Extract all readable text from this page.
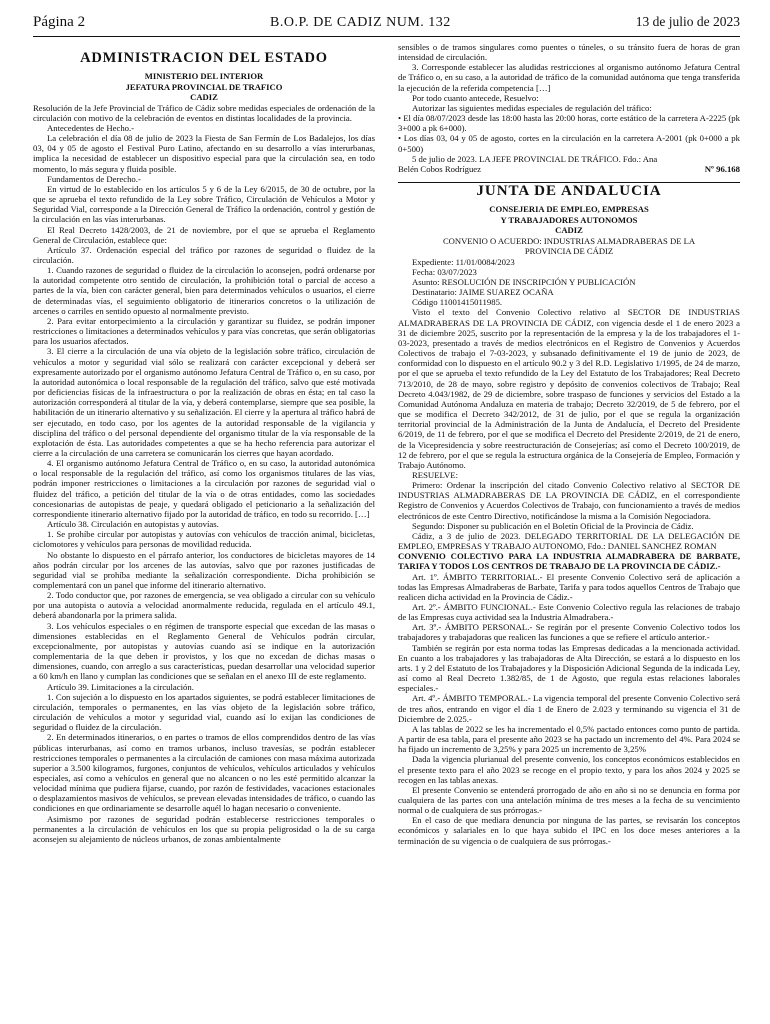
Página 2	B.O.P. DE CADIZ NUM. 132	13 de julio de 2023
ADMINISTRACION DEL ESTADO
MINISTERIO DEL INTERIOR
JEFATURA PROVINCIAL DE TRAFICO
CADIZ

Resolución de la Jefe Provincial de Tráfico de Cádiz sobre medidas especiales de ordenación de la circulación con motivo de la celebración de eventos en distintas localidades de la provincia.

Antecedentes de Hecho.-

La celebración el día 08 de julio de 2023 la Fiesta de San Fermín de Los Badalejos, los días 03, 04 y 05 de agosto el Festival Puro Latino, afectando en su desarrollo a vías interurbanas, implica la necesidad de establecer un dispositivo especial para que la circulación sea, en todo momento, lo más segura y fluida posible.

Fundamentos de Derecho.-

En virtud de lo establecido en los artículos 5 y 6 de la Ley 6/2015, de 30 de octubre, por la que se aprueba el texto refundido de la Ley sobre Tráfico, Circulación de Vehículos a Motor y Seguridad Vial, corresponde a la Dirección General de Tráfico la ordenación, control y gestión de la circulación en las vías interurbanas.

El Real Decreto 1428/2003, de 21 de noviembre, por el que se aprueba el Reglamento General de Circulación, establece que:

Artículo 37. Ordenación especial del tráfico por razones de seguridad o fluidez de la circulación.

1. Cuando razones de seguridad o fluidez de la circulación lo aconsejen, podrá ordenarse por la autoridad competente otro sentido de circulación, la prohibición total o parcial de acceso a partes de la vía, bien con carácter general, bien para determinados vehículos o usuarios, el cierre de determinadas vías, el seguimiento obligatorio de itinerarios concretos o la utilización de arcenes o carriles en sentido opuesto al normalmente previsto.

2. Para evitar entorpecimiento a la circulación y garantizar su fluidez, se podrán imponer restricciones o limitaciones a determinados vehículos y para vías concretas, que serán obligatorias para los usuarios afectados.

3. El cierre a la circulación de una vía objeto de la legislación sobre tráfico, circulación de vehículos a motor y seguridad vial sólo se realizará con carácter excepcional y deberá ser expresamente autorizado por el organismo autónomo Jefatura Central de Tráfico o, en su caso, por la autoridad autonómica o local responsable de la regulación del tráfico, salvo que esté motivada por deficiencias físicas de la infraestructura o por la realización de obras en ésta; en tal caso la autorización corresponderá al titular de la vía, y deberá contemplarse, siempre que sea posible, la habilitación de un itinerario alternativo y su señalización. El cierre y la apertura al tráfico habrá de ser ejecutado, en todo caso, por los agentes de la autoridad responsable de la vigilancia y disciplina del tráfico o del personal dependiente del organismo titular de la vía responsable de la explotación de ésta. Las autoridades competentes a que se ha hecho referencia para autorizar el cierre a la circulación de una carretera se comunicarán los cierres que hayan acordado.

4. El organismo autónomo Jefatura Central de Tráfico o, en su caso, la autoridad autonómica o local responsable de la regulación del tráfico, así como los organismos titulares de las vías, podrán imponer restricciones o limitaciones a la circulación por razones de seguridad vial o fluidez del tráfico, a petición del titular de la vía o de otras entidades, como las sociedades concesionarias de autopistas de peaje, y quedará obligado el peticionario a la señalización del correspondiente itinerario alternativo fijado por la autoridad de tráfico, en todo su recorrido. […]

Artículo 38. Circulación en autopistas y autovías.

1. Se prohíbe circular por autopistas y autovías con vehículos de tracción animal, bicicletas, ciclomotores y vehículos para personas de movilidad reducida.

No obstante lo dispuesto en el párrafo anterior, los conductores de bicicletas mayores de 14 años podrán circular por los arcenes de las autovías, salvo que por razones justificadas de seguridad vial se prohíba mediante la señalización correspondiente. Dicha prohibición se complementará con un panel que informe del itinerario alternativo.

2. Todo conductor que, por razones de emergencia, se vea obligado a circular con su vehículo por una autopista o autovía a velocidad anormalmente reducida, regulada en el artículo 49.1, deberá abandonarla por la primera salida.

3. Los vehículos especiales o en régimen de transporte especial que excedan de las masas o dimensiones establecidas en el Reglamento General de Vehículos podrán circular, excepcionalmente, por autopistas y autovías cuando así se indique en la autorización complementaria de la que deben ir provistos, y los que no excedan de dichas masas o dimensiones, cuando, con arreglo a sus características, puedan desarrollar una velocidad superior a 60 km/h en llano y cumplan las condiciones que se señalan en el anexo III de este reglamento.

Artículo 39. Limitaciones a la circulación.

1. Con sujeción a lo dispuesto en los apartados siguientes, se podrá establecer limitaciones de circulación, temporales o permanentes, en las vías objeto de la legislación sobre tráfico, circulación de vehículos a motor y seguridad vial, cuando así lo exijan las condiciones de seguridad o fluidez de la circulación.

2. En determinados itinerarios, o en partes o tramos de ellos comprendidos dentro de las vías públicas interurbanas, así como en tramos urbanos, incluso travesías, se podrán establecer restricciones temporales o permanentes a la circulación de camiones con masa máxima autorizada superior a 3.500 kilogramos, furgones, conjuntos de vehículos, vehículos articulados y vehículos especiales, así como a vehículos en general que no alcancen o no les esté permitido alcanzar la velocidad mínima que pudiera fijarse, cuando, por razón de festividades, vacaciones estacionales o desplazamientos masivos de vehículos, se prevean elevadas intensidades de tráfico, o cuando las condiciones en que ordinariamente se desarrolle aquél lo hagan necesario o conveniente.

Asimismo por razones de seguridad podrán establecerse restricciones temporales o permanentes a la circulación de vehículos en los que su propia peligrosidad o la de su carga aconsejen su alejamiento de núcleos urbanos, de zonas ambientalmente

sensibles o de tramos singulares como puentes o túneles, o su tránsito fuera de horas de gran intensidad de circulación.

3. Corresponde establecer las aludidas restricciones al organismo autónomo Jefatura Central de Tráfico o, en su caso, a la autoridad de tráfico de la comunidad autónoma que tenga transferida la ejecución de la referida competencia […]

Por todo cuanto antecede, Resuelvo:

Autorizar las siguientes medidas especiales de regulación del tráfico:

• El día 08/07/2023 desde las 18:00 hasta las 20:00 horas, corte estático de la carretera A-2225 (pk 3+000 a pk 6+000).

• Los días 03, 04 y 05 de agosto, cortes en la circulación en la carretera A-2001 (pk 0+000 a pk 0+500)

5 de julio de 2023. LA JEFE PROVINCIAL DE TRÁFICO. Fdo.: Ana

Belén Cobos Rodríguez	Nº 96.168
JUNTA DE ANDALUCIA
CONSEJERIA DE EMPLEO, EMPRESAS
Y TRABAJADORES AUTONOMOS
CADIZ
CONVENIO O ACUERDO: INDUSTRIAS ALMADRABERAS DE LA
PROVINCIA DE CÁDIZ

Expediente: 11/01/0084/2023

Fecha: 03/07/2023

Asunto: RESOLUCIÓN DE INSCRIPCIÓN Y PUBLICACIÓN

Destinatario: JAIME SUAREZ OCAÑA

Código 11001415011985.

Visto el texto del Convenio Colectivo relativo al SECTOR DE INDUSTRIAS ALMADRABERAS DE LA PROVINCIA DE CÁDIZ, con vigencia desde el 1 de enero 2023 a 31 de diciembre 2025, suscrito por la representación de la empresa y la de los trabajadores el 1-03-2023, presentado a través de medios electrónicos en el Registro de Convenios y Acuerdos Colectivos de trabajo el 7-03-2023, y subsanado definitivamente el 19 de junio de 2023, de conformidad con lo dispuesto en el artículo 90.2 y 3 del R.D. Legislativo 1/1995, de 24 de marzo, por el que se aprueba el texto refundido de la Ley del Estatuto de los Trabajadores; Real Decreto 713/2010, de 28 de mayo, sobre registro y depósito de convenios colectivos de Trabajo; Real Decreto 4.043/1982, de 29 de diciembre, sobre traspaso de funciones y servicios del Estado a la Comunidad Autónoma Andaluza en materia de trabajo; Decreto 32/2019, de 5 de febrero, por el que se modifica el Decreto 342/2012, de 31 de julio, por el que se regula la organización territorial provincial de la Administración de la Junta de Andalucía, el Decreto del Presidente 6/2019, de 11 de febrero, por el que se modifica el Decreto del Presidente 2/2019, de 21 de enero, de la Vicepresidencia y sobre reestructuración de Consejerías; así como el Decreto 100/2019, de 12 de febrero, por el que se regula la estructura orgánica de la Consejería de Empleo, Formación y Trabajo Autónomo.

RESUELVE:

Primero: Ordenar la inscripción del citado Convenio Colectivo relativo al SECTOR DE INDUSTRIAS ALMADRABERAS DE LA PROVINCIA DE CÁDIZ, en el correspondiente Registro de Convenios y Acuerdos Colectivos de Trabajo, con funcionamiento a través de medios electrónicos de este Centro Directivo, notificándose la misma a la Comisión Negociadora.

Segundo: Disponer su publicación en el Boletín Oficial de la Provincia de Cádiz.

Cádiz, a 3 de julio de 2023. DELEGADO TERRITORIAL DE LA DELEGACIÓN DE EMPLEO, EMPRESAS Y TRABAJO AUTONOMO, Fdo.: DANIEL SANCHEZ ROMAN

CONVENIO COLECTIVO PARA LA INDUSTRIA ALMADRABERA DE BARBATE, TARIFA Y TODOS LOS CENTROS DE TRABAJO DE LA PROVINCIA DE CÁDIZ.-

Art. 1º. ÁMBITO TERRITORIAL.- El presente Convenio Colectivo será de aplicación a todas las Empresas Almadraberas de Barbate, Tarifa y para todos aquellos Centros de Trabajo que realicen dicha actividad en la Provincia de Cádiz.-

Art. 2º.- ÁMBITO FUNCIONAL.- Este Convenio Colectivo regula las relaciones de trabajo de las Empresas cuya actividad sea la Industria Almadrabera.-

Art. 3º.- ÁMBITO PERSONAL.- Se regirán por el presente Convenio Colectivo todos los trabajadores y trabajadoras que realicen las funciones a que se refiere el artículo anterior.-

También se regirán por esta norma todas las Empresas dedicadas a la mencionada actividad. En cuanto a los trabajadores y las trabajadoras de Alta Dirección, se estará a lo dispuesto en los arts. 1 y 2 del Estatuto de los Trabajadores y la Disposición Adicional Segunda de la indicada Ley, así como al Real Decreto 1.382/85, de 1 de Agosto, que regula estas relaciones laborales especiales.-

Art. 4º.- ÁMBITO TEMPORAL.- La vigencia temporal del presente Convenio Colectivo será de tres años, entrando en vigor el día 1 de Enero de 2.023 y terminando su vigencia el 31 de Diciembre de 2.025.-

A las tablas de 2022 se les ha incrementado el 0,5% pactado entonces como punto de partida. A partir de esa tabla, para el presente año 2023 se ha pactado un incremento del 4%. Para 2024 se ha fijado un incremento de 3,25% y para 2025 un incremento de 3,25%

Dada la vigencia plurianual del presente convenio, los conceptos económicos establecidos en el presente texto para el año 2023 se recoge en el propio texto, y para los años 2024 y 2025 se recogen en las tablas anexas.

El presente Convenio se entenderá prorrogado de año en año si no se denuncia en forma por cualquiera de las partes con una antelación mínima de tres meses a la fecha de su vencimiento normal o de cualquiera de sus prórrogas.-

En el caso de que mediara denuncia por ninguna de las partes, se revisarán los conceptos económicos y salariales en lo que haya subido el IPC en los doce meses anteriores a la terminación de su vigencia o de cualquiera de sus prórrogas.-
